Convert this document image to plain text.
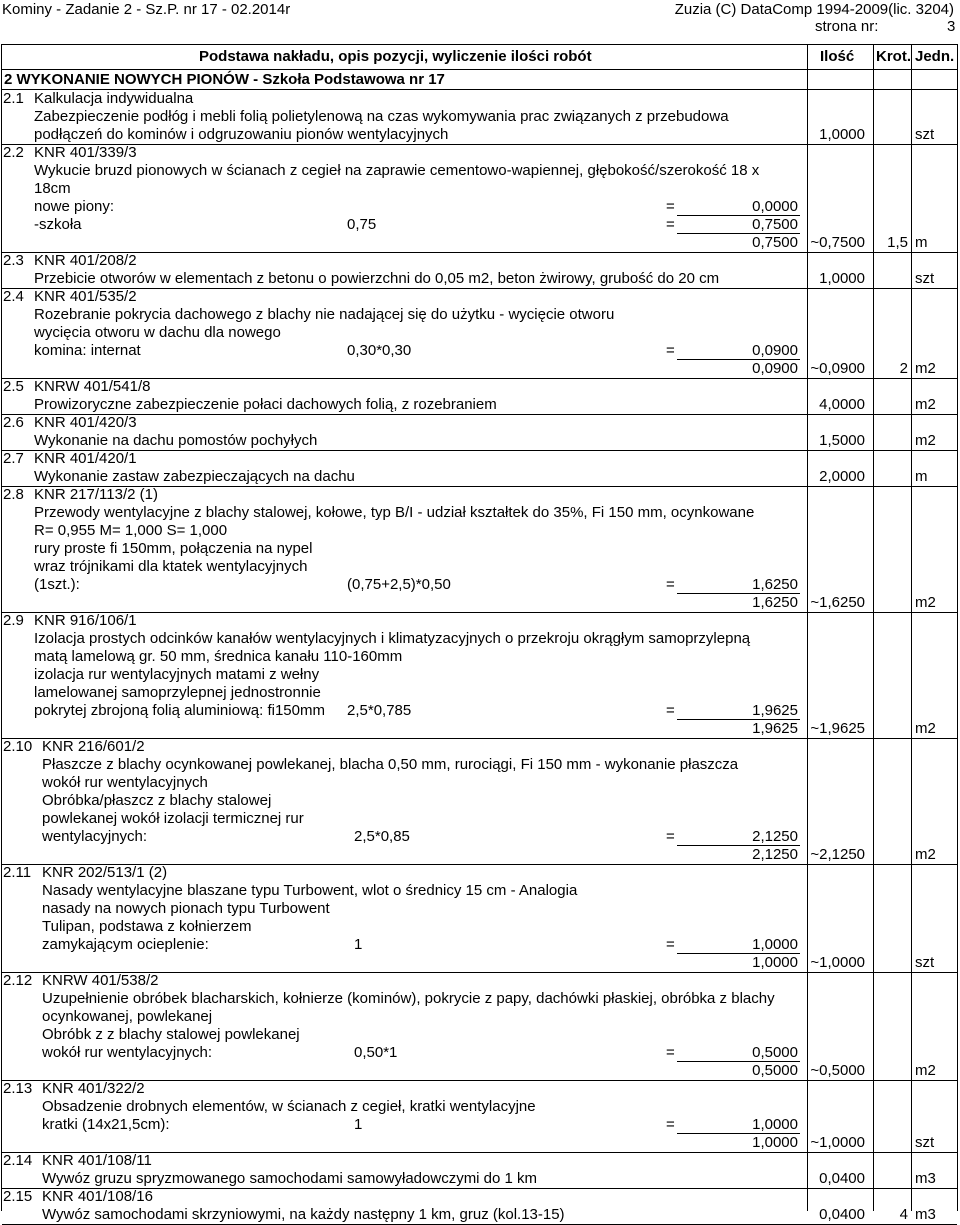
Kominy - Zadanie 2 - Sz.P. nr 17 - 02.2014r	Zuzia (C) DataComp 1994-2009(lic. 3204)
strona nr:	3
Podstawa nakładu, opis pozycji, wyliczenie ilości robót	Ilość Krot. Jedn.
2 WYKONANIE NOWYCH PIONÓW - Szkoła Podstawowa nr 17
2.1 Kalkulacja indywidualna
Zabezpieczenie podłóg i mebli folią polietylenową na czas wykomywania prac związanych z przebudowa
podłączeń do kominów i odgruzowaniu pionów wentylacyjnych	1,0000	szt
2.2 KNR 401/339/3
Wykucie bruzd pionowych w ścianach z cegieł na zaprawie cementowo-wapiennej, głębokość/szerokość 18 x
18cm
nowe piony:	=	0,0000
-szkoła	0,75	=	0,7500
0,7500 ~0,7500 1,5 m
2.3 KNR 401/208/2
Przebicie otworów w elementach z betonu o powierzchni do 0,05 m2, beton żwirowy, grubość do 20 cm	1,0000	szt
2.4 KNR 401/535/2
Rozebranie pokrycia dachowego z blachy nie nadającej się do użytku - wycięcie otworu
wycięcia otworu w dachu dla nowego
komina: internat	0,30*0,30	=	0,0900
0,0900 ~0,0900 2 m2
2.5 KNRW 401/541/8
Prowizoryczne zabezpieczenie połaci dachowych folią, z rozebraniem	4,0000	m2
2.6 KNR 401/420/3
Wykonanie na dachu pomostów pochyłych	1,5000	m2
2.7 KNR 401/420/1
Wykonanie zastaw zabezpieczających na dachu	2,0000	m
2.8 KNR 217/113/2 (1)
Przewody wentylacyjne z blachy stalowej, kołowe, typ B/I - udział kształtek do 35%, Fi 150 mm, ocynkowane
R= 0,955 M= 1,000 S= 1,000
rury proste fi 150mm, połączenia na nypel
wraz trójnikami dla ktatek wentylacyjnych
(1szt.):	(0,75+2,5)*0,50	=	1,6250
1,6250 ~1,6250	m2
2.9 KNR 916/106/1
Izolacja prostych odcinków kanałów wentylacyjnych i klimatyzacyjnych o przekroju okrągłym samoprzylepną
matą lamelową gr. 50 mm, średnica kanału 110-160mm
izolacja rur wentylacyjnych matami z wełny
lamelowanej samoprzylepnej jednostronnie
pokrytej zbrojoną folią aluminiową: fi150mm 2,5*0,785	=	1,9625
1,9625 ~1,9625	m2
2.10 KNR 216/601/2
Płaszcze z blachy ocynkowanej powlekanej, blacha 0,50 mm, rurociągi, Fi 150 mm - wykonanie płaszcza
wokół rur wentylacyjnych
Obróbka/płaszcz z blachy stalowej
powlekanej wokół izolacji termicznej rur
wentylacyjnych:	2,5*0,85	=	2,1250
2,1250 ~2,1250	m2
2.11 KNR 202/513/1 (2)
Nasady wentylacyjne blaszane typu Turbowent, wlot o średnicy 15 cm - Analogia
nasady na nowych pionach typu Turbowent
Tulipan, podstawa z kołnierzem
zamykającym ocieplenie:	1	=	1,0000
1,0000 ~1,0000	szt
2.12 KNRW 401/538/2
Uzupełnienie obróbek blacharskich, kołnierze (kominów), pokrycie z papy, dachówki płaskiej, obróbka z blachy
ocynkowanej, powlekanej
Obróbk z z blachy stalowej powlekanej
wokół rur wentylacyjnych:	0,50*1	=	0,5000
0,5000 ~0,5000	m2
2.13 KNR 401/322/2
Obsadzenie drobnych elementów, w ścianach z cegieł, kratki wentylacyjne
kratki (14x21,5cm):	1	=	1,0000
1,0000 ~1,0000	szt
2.14 KNR 401/108/11
Wywóz gruzu spryzmowanego samochodami samowyładowczymi do 1 km	0,0400	m3
2.15 KNR 401/108/16
Wywóz samochodami skrzyniowymi, na każdy następny 1 km, gruz (kol.13-15)	0,0400 4 m3
